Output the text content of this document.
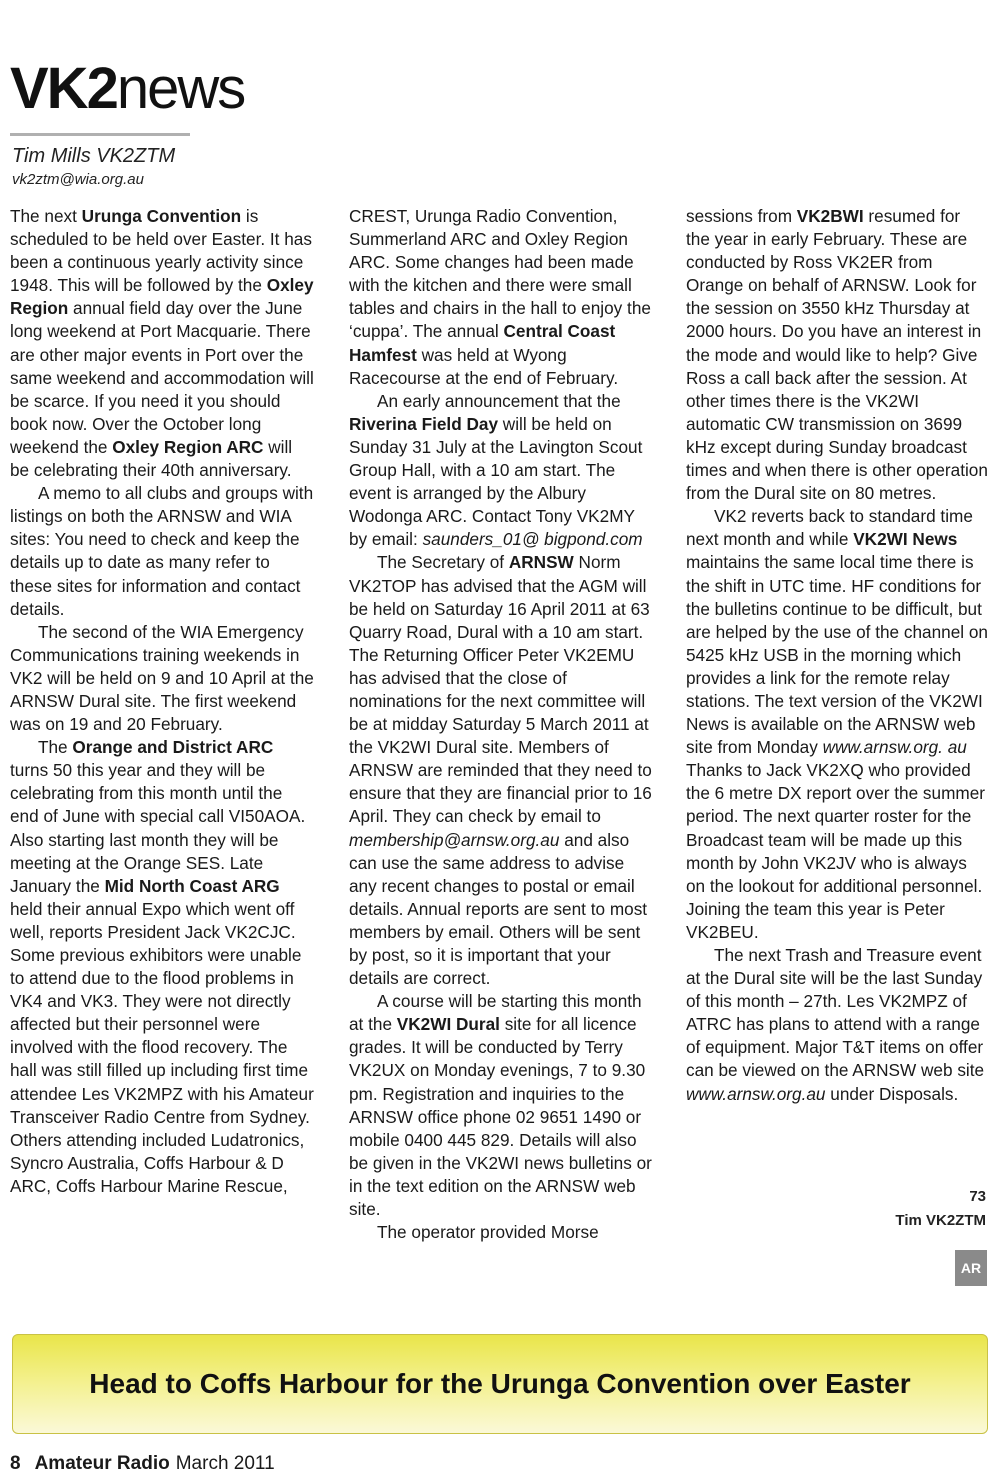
VK2news
Tim Mills VK2ZTM
vk2ztm@wia.org.au

The next Urunga Convention is scheduled to be held over Easter. It has been a continuous yearly activity since 1948. This will be followed by the Oxley Region annual field day over the June long weekend at Port Macquarie. There are other major events in Port over the same weekend and accommodation will be scarce. If you need it you should book now. Over the October long weekend the Oxley Region ARC will be celebrating their 40th anniversary.

A memo to all clubs and groups with listings on both the ARNSW and WIA sites: You need to check and keep the details up to date as many refer to these sites for information and contact details.

The second of the WIA Emergency Communications training weekends in VK2 will be held on 9 and 10 April at the ARNSW Dural site. The first weekend was on 19 and 20 February.

The Orange and District ARC turns 50 this year and they will be celebrating from this month until the end of June with special call VI50AOA. Also starting last month they will be meeting at the Orange SES. Late January the Mid North Coast ARG held their annual Expo which went off well, reports President Jack VK2CJC. Some previous exhibitors were unable to attend due to the flood problems in VK4 and VK3. They were not directly affected but their personnel were involved with the flood recovery. The hall was still filled up including first time attendee Les VK2MPZ with his Amateur Transceiver Radio Centre from Sydney. Others attending included Ludatronics, Syncro Australia, Coffs Harbour & D ARC, Coffs Harbour Marine Rescue,

CREST, Urunga Radio Convention, Summerland ARC and Oxley Region ARC. Some changes had been made with the kitchen and there were small tables and chairs in the hall to enjoy the ‘cuppa’. The annual Central Coast Hamfest was held at Wyong Racecourse at the end of February.

An early announcement that the Riverina Field Day will be held on Sunday 31 July at the Lavington Scout Group Hall, with a 10 am start. The event is arranged by the Albury Wodonga ARC. Contact Tony VK2MY by email: saunders_01@ bigpond.com

The Secretary of ARNSW Norm VK2TOP has advised that the AGM will be held on Saturday 16 April 2011 at 63 Quarry Road, Dural with a 10 am start. The Returning Officer Peter VK2EMU has advised that the close of nominations for the next committee will be at midday Saturday 5 March 2011 at the VK2WI Dural site. Members of ARNSW are reminded that they need to ensure that they are financial prior to 16 April. They can check by email to membership@arnsw.org.au and also can use the same address to advise any recent changes to postal or email details. Annual reports are sent to most members by email. Others will be sent by post, so it is important that your details are correct.

A course will be starting this month at the VK2WI Dural site for all licence grades. It will be conducted by Terry VK2UX on Monday evenings, 7 to 9.30 pm. Registration and inquiries to the ARNSW office phone 02 9651 1490 or mobile 0400 445 829. Details will also be given in the VK2WI news bulletins or in the text edition on the ARNSW web site.

The operator provided Morse

sessions from VK2BWI resumed for the year in early February. These are conducted by Ross VK2ER from Orange on behalf of ARNSW. Look for the session on 3550 kHz Thursday at 2000 hours. Do you have an interest in the mode and would like to help? Give Ross a call back after the session. At other times there is the VK2WI automatic CW transmission on 3699 kHz except during Sunday broadcast times and when there is other operation from the Dural site on 80 metres.

VK2 reverts back to standard time next month and while VK2WI News maintains the same local time there is the shift in UTC time. HF conditions for the bulletins continue to be difficult, but are helped by the use of the channel on 5425 kHz USB in the morning which provides a link for the remote relay stations. The text version of the VK2WI News is available on the ARNSW web site from Monday www.arnsw.org. au Thanks to Jack VK2XQ who provided the 6 metre DX report over the summer period. The next quarter roster for the Broadcast team will be made up this month by John VK2JV who is always on the lookout for additional personnel. Joining the team this year is Peter VK2BEU.

The next Trash and Treasure event at the Dural site will be the last Sunday of this month – 27th. Les VK2MPZ of ATRC has plans to attend with a range of equipment. Major T&T items on offer can be viewed on the ARNSW web site www.arnsw.org.au under Disposals.

73
Tim VK2ZTM
AR
Head to Coffs Harbour for the Urunga Convention over Easter
8 Amateur Radio March 2011
